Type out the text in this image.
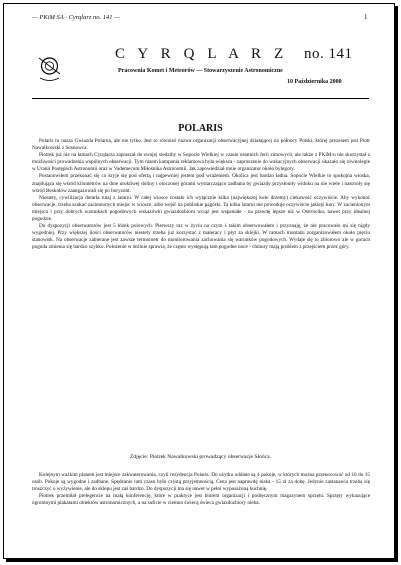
— PKiM SA · Cyrqlarz no. 141 —	1
C Y R Q L A R Z no. 141
Pracownia Komet i Meteorów — Stowarzyszenie Astronomiczne
10 Października 2000
POLARIS

Polaris to nasza Gwiazda Polarna, ale nie tylko. Jest to również nazwa organizacji obserwacyjnej działającej na północy Polski, której prezesem jest Piotr Nawalkowski z Sosnowca.

Piotrek już nie na łamach Cyrqlarza zapraszał do swojej siedziby w Sopocie Wielkiej w czasie ostatnich ferii zimowych, ale także z PKiM-u nie skorzystał z możliwości prowadzenia wspólnych obserwacji. Tym razem kampania reklamowa była większa - zaproszenie do wakacyjnych obserwacji ukazało się równolegle w Uranii Postępach Astronomii oraz w Vademecum Miłośnika Astronomii. Jak zapowiedział mnie organizator około bylegory.

Postanowiłem przekonać się co kryje się pod ofertą i najpewniej jestem pod wrażeniem. Okolica jest bardzo ładna. Sopocie Wielkie to spokojna wioska, znajdująca się wśród kilometrów na dnie urokliwej doliny i otoczonej górami wystarczająco zadbana by gwiazdy przysłoniły widoku na nie wiele i nastroiły się wśród Beskidów zaangażowali się po horyzont.

Niestety, cywilizacja dotarła tutaj z latarni. W całej wiosce zostało ich wyłącznie kilka (największej koło drzemy) ciekawość oczywiście. Aby wykonać obserwacje, trzeba szukać zacienionych miejsc w wiosce, albo wejść na pobliskie pagórki. Ta kilka latarni nie powoduje oczywiście jakiejś łuny. W zacienionym miejscu i przy dobrych warunkach pogodowych wskazówki gwiazdozbioru wciąż jest wspaniałe - na prawdę lepsze niż w Ostrowiku, nawet przy idealnej pogodzie.

Do dyspozycji obserwatorów jest 5 łóżek polowych. Pierwszy raz w życiu na czym ś takim obserwowałem i przyznaję, że nie pracowało mi się nigdy wygodniej. Przy większej ilości obserwatorów niestety trzeba już korzystać z materacy i płyt za sklejki. W ramach montażu zorganizowałem około pięciu stanowisk. Na obserwacje zabierane jest zawsze termometr do monitorowania zachowania się warunków pogodowych. Wydaje się to zbiorowo ale w gorach pogoda zmienia się bardzo szybko. Położenie w dolinie sprawia, że często występują tam pogodne noce - chmury mają problem z przejściem przez góry.

Zdjęcie: Piotrek Nawalkowski prowadzący obserwacje Słońca.

Kolejnym ważkim planem jest miejsce zakwaterowania, czyli rezydencja Polaris. Do użytku oddane są 4 pokoje, w których można przenocować od 10 do 15 osób. Pokoje są wygodne i zadbane. Spędzanie tam czasu było czystą przyjemnością. Cena jest naprawdę niska - 15 zł za dobę. Jedynie zastanawia trzeba się troszczyć o wyżywienie, ale do sklepu jest zaś bardzo. Do dyspozycji ma się nawet w pełni wyposażoną kuchnię.

Piotrek przemiłał prelegencie na małą konferencję, które w praktyce jest biurem organizacji i podręcznym magazynem sprzętu. Sprzęty wykazujące ogromnymi plakatami obiektów astronomicznych, a na suficie w ciemno świecą świeca gwiazdozbiory nieba.
